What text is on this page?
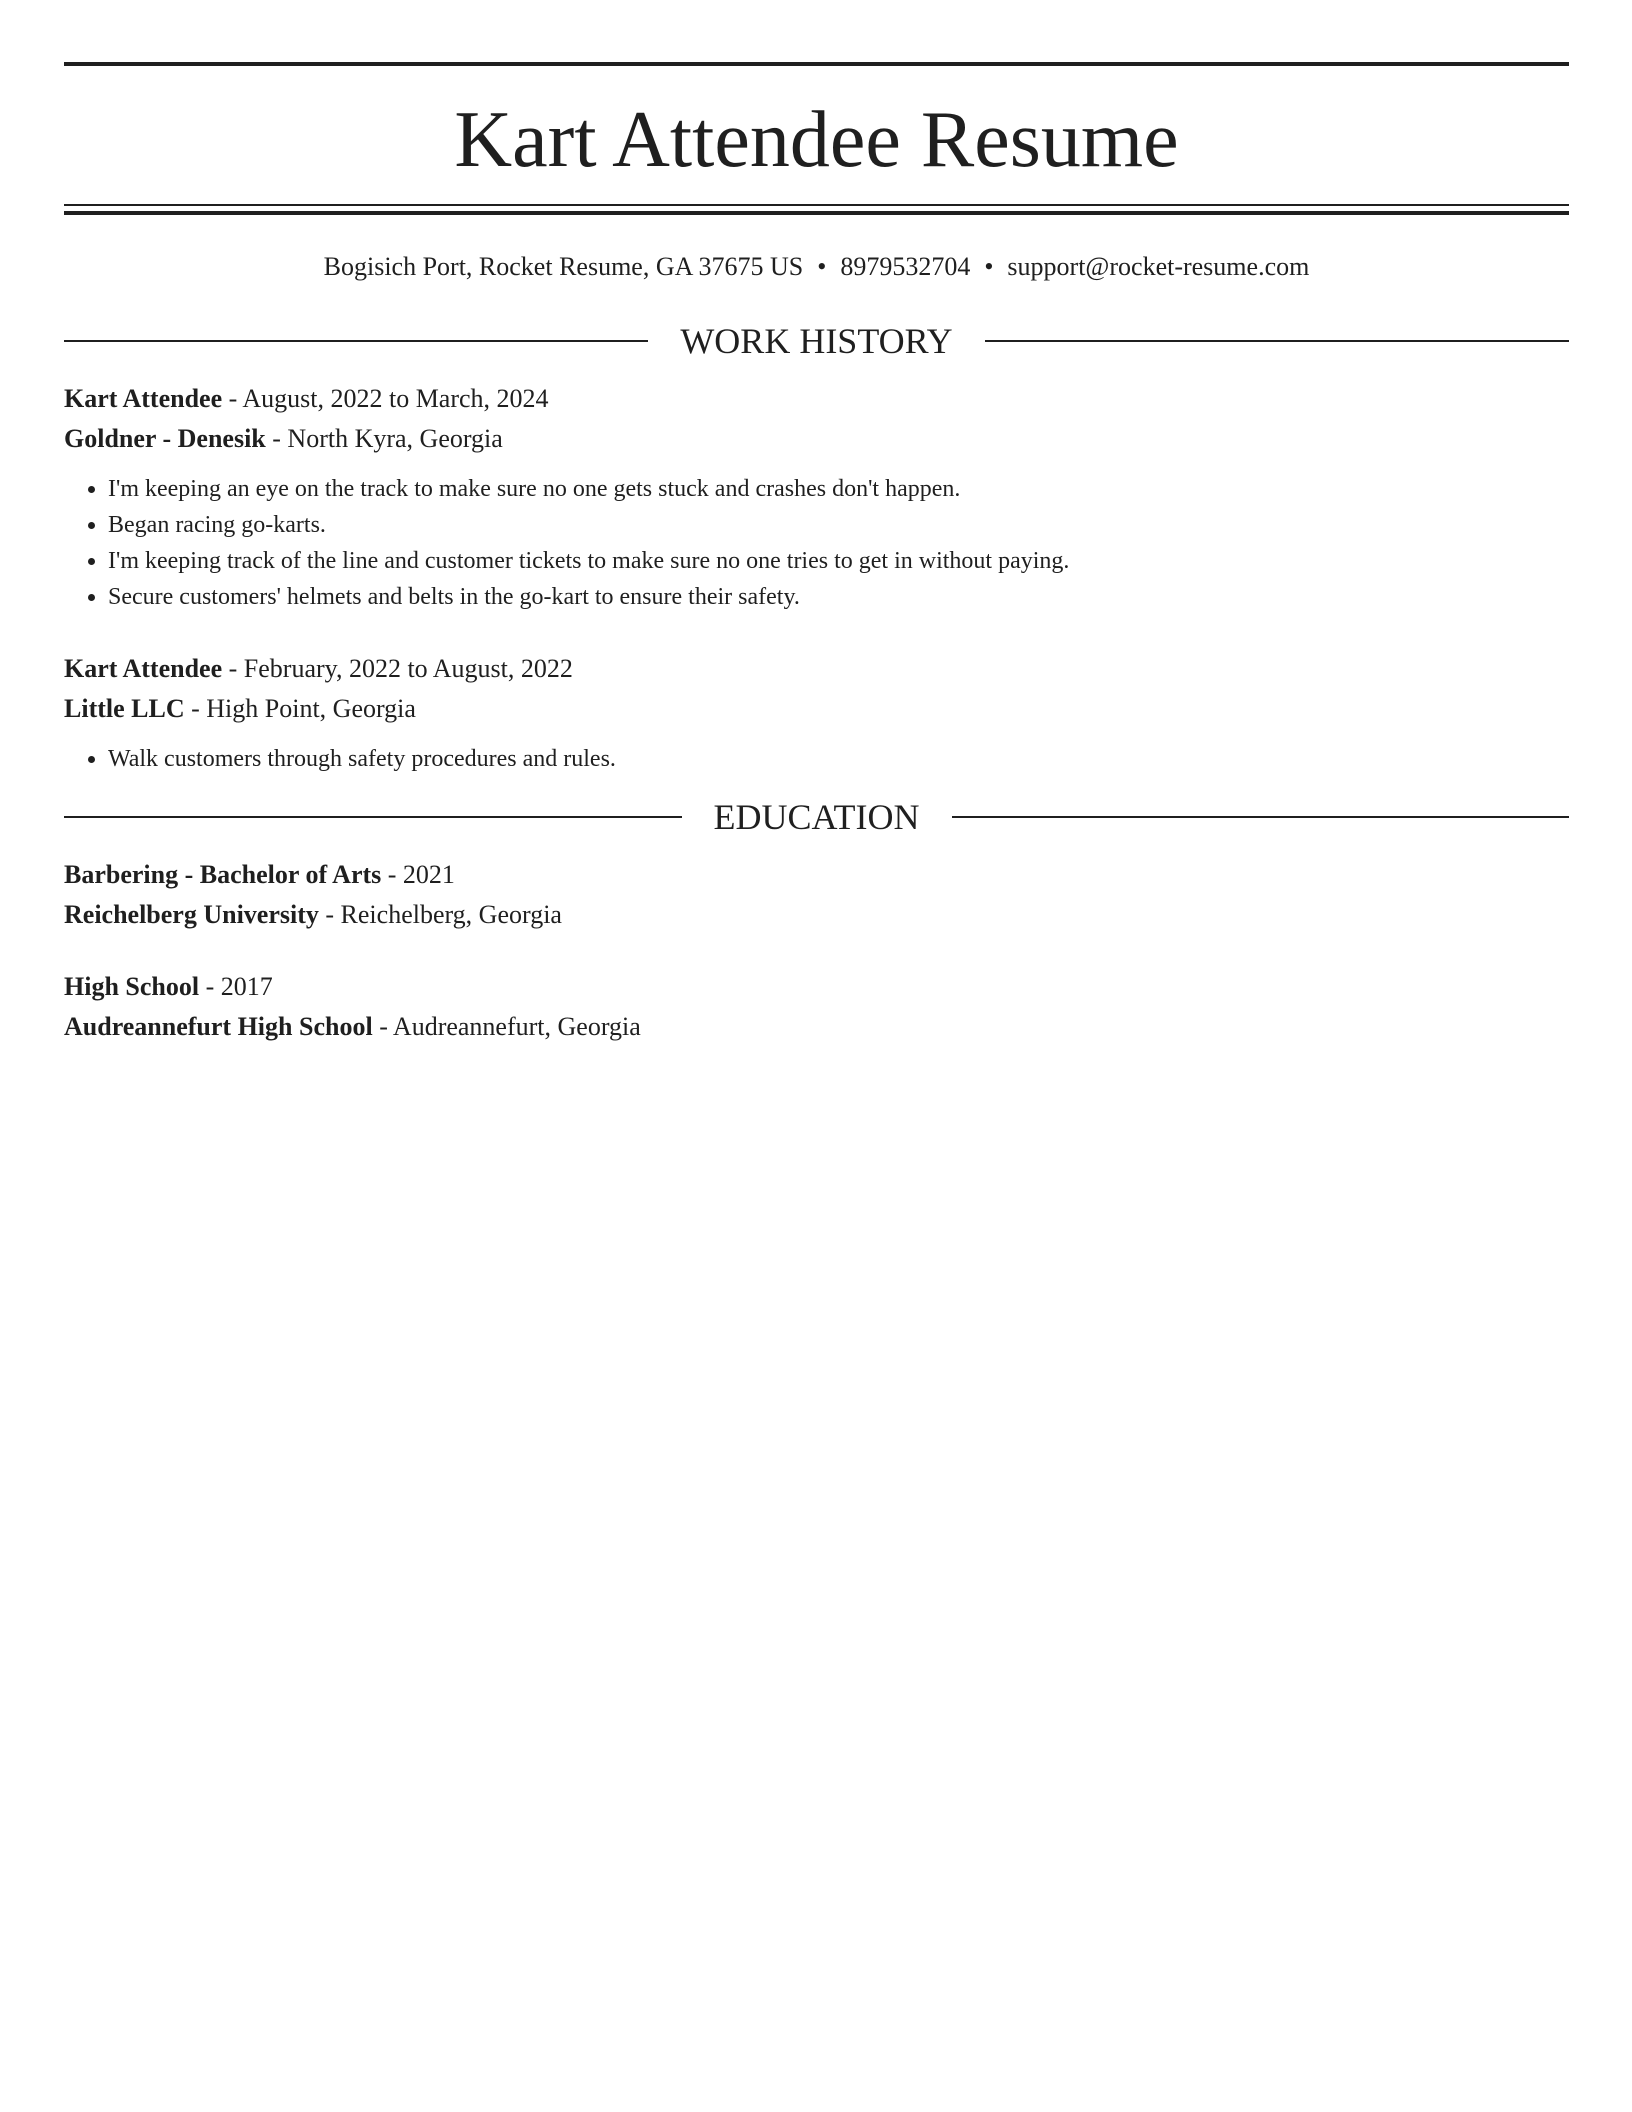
Kart Attendee Resume
Bogisich Port, Rocket Resume, GA 37675 US • 8979532704 • support@rocket-resume.com
WORK HISTORY
Kart Attendee - August, 2022 to March, 2024
Goldner - Denesik - North Kyra, Georgia
• I'm keeping an eye on the track to make sure no one gets stuck and crashes don't happen.
• Began racing go-karts.
• I'm keeping track of the line and customer tickets to make sure no one tries to get in without paying.
• Secure customers' helmets and belts in the go-kart to ensure their safety.
Kart Attendee - February, 2022 to August, 2022
Little LLC - High Point, Georgia
• Walk customers through safety procedures and rules.
EDUCATION
Barbering - Bachelor of Arts - 2021
Reichelberg University - Reichelberg, Georgia
High School - 2017
Audreannefurt High School - Audreannefurt, Georgia
